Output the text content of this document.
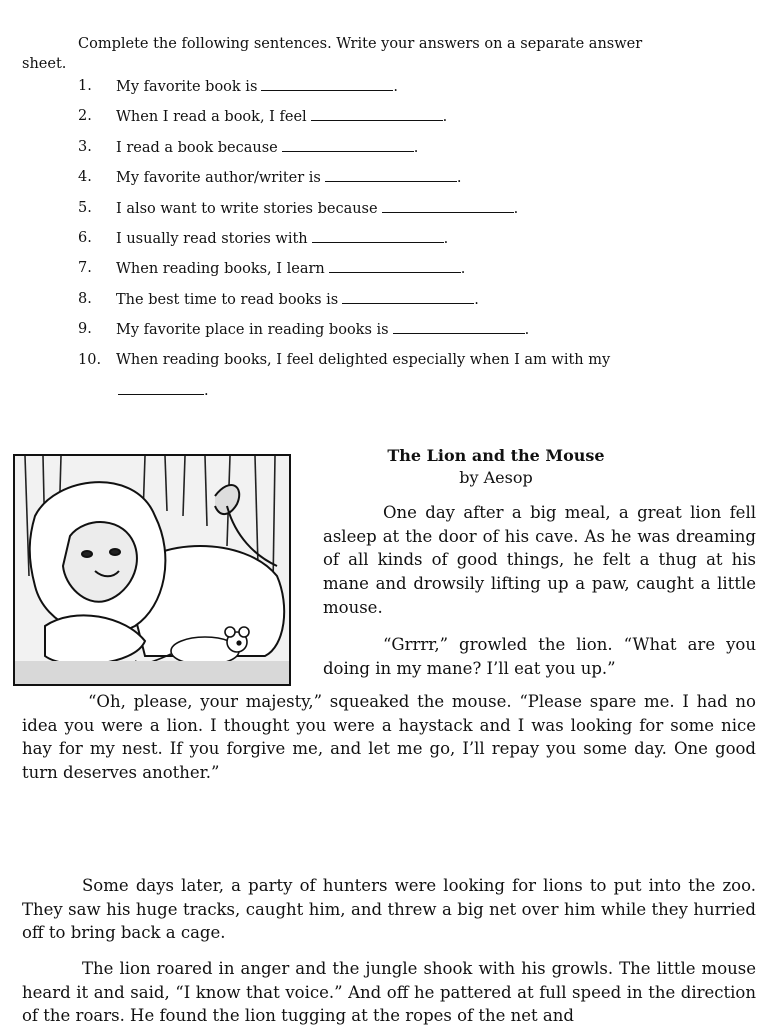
Complete the following sentences. Write your answers on a separate answer
sheet.
1.	My favorite book is	.
2.	When I read a book, I feel	.
3.	I read a book because	.
4.	My favorite author/writer is	.
5.	I also want to write stories because	.
6.	I usually read stories with	.
7.	When reading books, I learn	.
8.	The best time to read books is	.
9.	My favorite place in reading books is	.
10.	When reading books, I feel delighted especially when I am with my
.
The Lion and the Mouse
by Aesop
One day after a big meal, a great lion fell asleep at the door of his cave. As he was dreaming of all kinds of good things, he felt a thug at his mane and drowsily lifting up a paw, caught a little mouse.
“Grrrr,” growled the lion. “What are you doing in my mane? I’ll eat you up.”
“Oh, please, your majesty,” squeaked the mouse. “Please spare me. I had no idea you were a lion. I thought you were a haystack and I was looking for some nice hay for my nest. If you forgive me, and let me go, I’ll repay you some day. One good turn deserves another.”
Some days later, a party of hunters were looking for lions to put into the zoo. They saw his huge tracks, caught him, and threw a big net over him while they hurried off to bring back a cage.
The lion roared in anger and the jungle shook with his growls. The little mouse heard it and said, “I know that voice.” And off he pattered at full speed in the direction of the roars. He found the lion tugging at the ropes of the net and
